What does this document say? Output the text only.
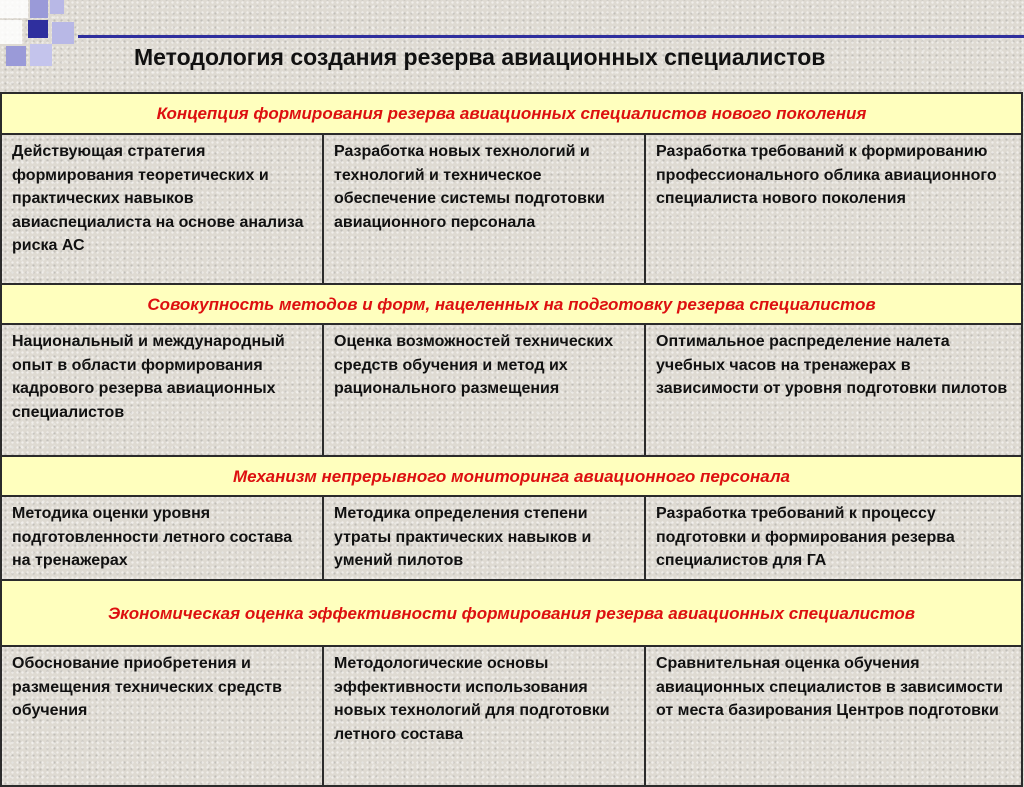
Методология создания резерва авиационных специалистов
Концепция формирования резерва авиационных специалистов нового поколения		
Действующая стратегия формирования теоретических и практических навыков авиаспециалиста на основе анализа риска АС	Разработка новых технологий и технологий и техническое обеспечение системы подготовки авиационного персонала	Разработка требований к формированию профессионального облика авиационного специалиста нового поколения
Совокупность методов и форм, нацеленных на подготовку резерва специалистов		
Национальный и международный опыт в области формирования кадрового резерва авиационных специалистов	Оценка возможностей технических средств обучения и метод их рационального размещения	Оптимальное распределение налета учебных часов на тренажерах в зависимости от уровня подготовки пилотов
Механизм непрерывного мониторинга авиационного персонала		
Методика оценки уровня подготовленности летного состава на тренажерах	Методика определения степени утраты практических навыков и умений пилотов	Разработка требований к процессу подготовки и формирования резерва специалистов для ГА
Экономическая оценка эффективности формирования резерва авиационных специалистов		
Обоснование приобретения и размещения технических средств обучения	Методологические основы эффективности использования новых технологий для подготовки летного состава	Сравнительная оценка обучения авиационных специалистов в зависимости от места базирования Центров подготовки
